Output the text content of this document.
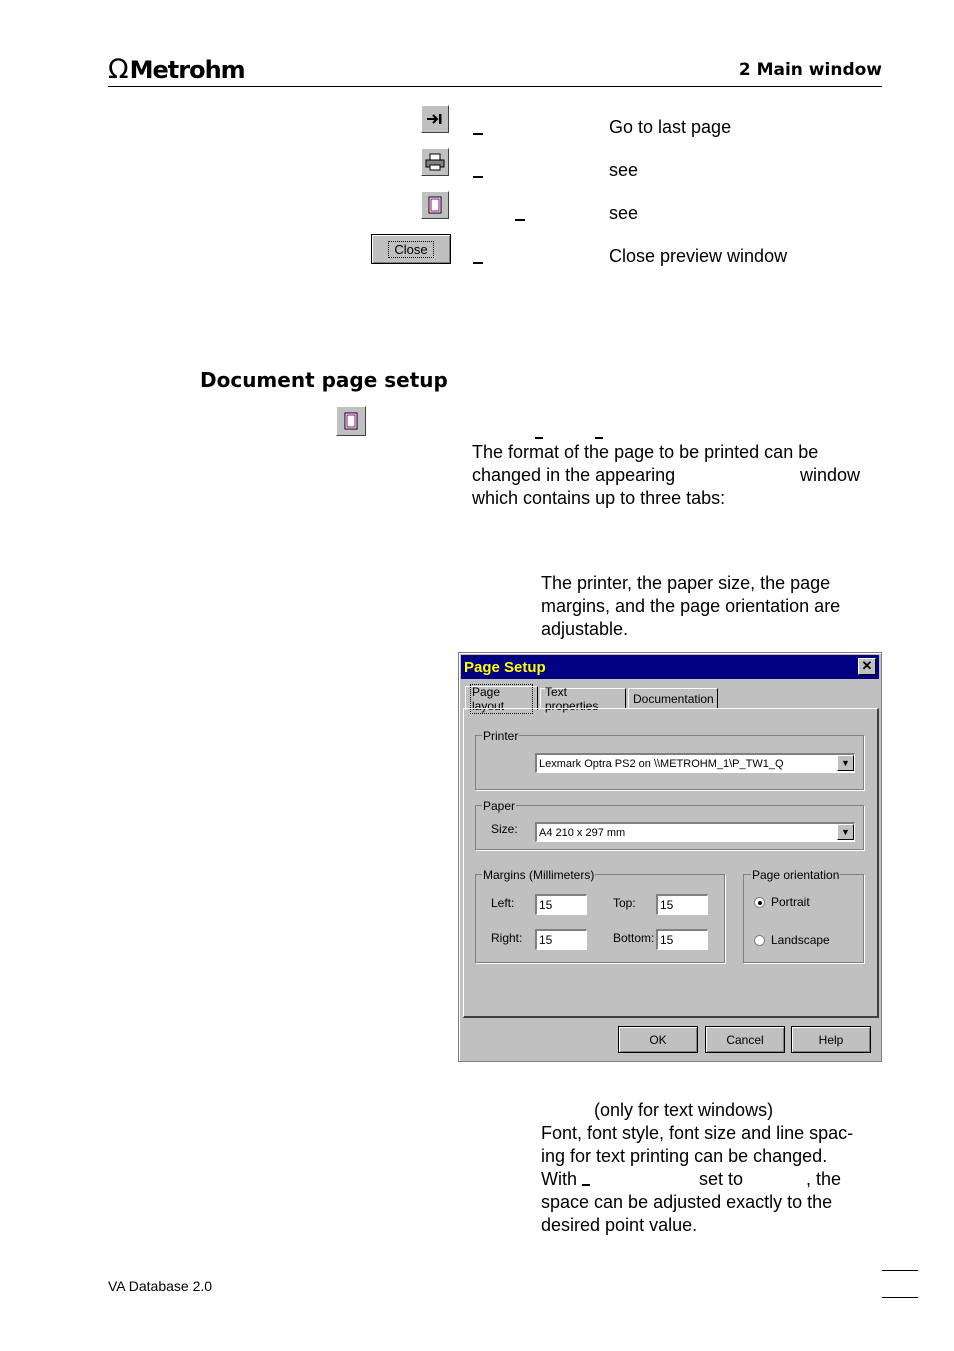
Ω Metrohm	2 Main window
Go to last page
see
see
Close	Close preview window
Document page setup
The format of the page to be printed can be
changed in the appearing	window
which contains up to three tabs:
The printer, the paper size, the page
margins, and the page orientation are
adjustable.
Page Setup	✕
Page layout
Text properties	Documentation
Printer
Lexmark Optra PS2 on \\METROHM_1\P_TW1_Q	▼
Paper
Size: A4 210 x 297 mm	▼
Margins (Millimeters)
Left:	15	Top:	15
Right:	15	Bottom: 15
Page orientation
Portrait
Landscape
OK	Cancel	Help
(only for text windows)
Font, font style, font size and line spac-
ing for text printing can be changed.
With	set to	, the
space can be adjusted exactly to the
desired point value.
VA Database 2.0
